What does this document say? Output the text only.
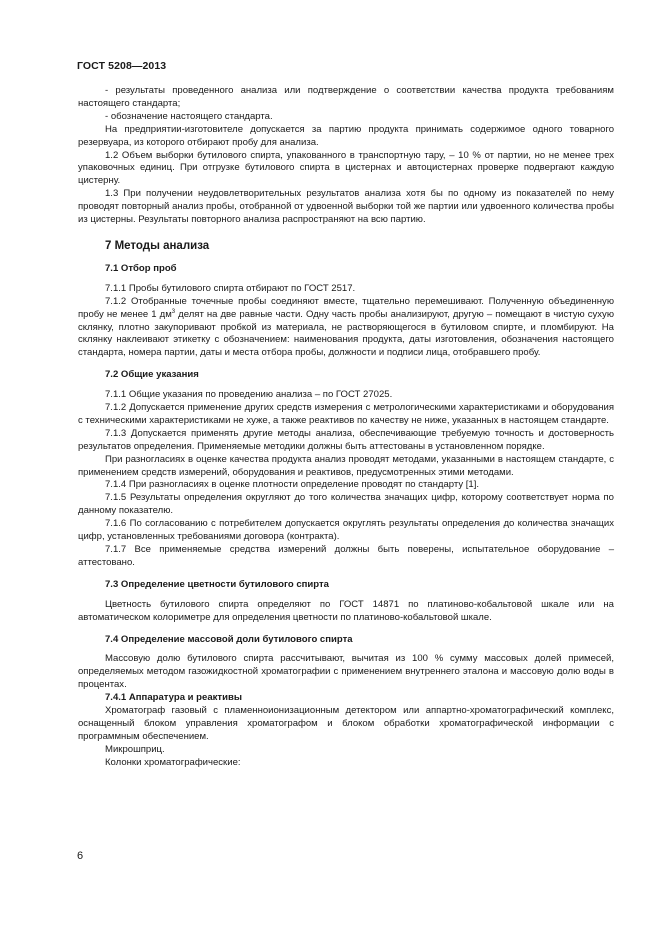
ГОСТ 5208—2013

- результаты проведенного анализа или подтверждение о соответствии качества продукта требованиям настоящего стандарта;

- обозначение настоящего стандарта.

На предприятии-изготовителе допускается за партию продукта принимать содержимое одного товарного резервуара, из которого отбирают пробу для анализа.

1.2 Объем выборки бутилового спирта, упакованного в транспортную тару, – 10 % от партии, но не менее трех упаковочных единиц. При отгрузке бутилового спирта в цистернах и автоцистернах проверке подвергают каждую цистерну.

1.3 При получении неудовлетворительных результатов анализа хотя бы по одному из показателей по нему проводят повторный анализ пробы, отобранной от удвоенной выборки той же партии или удвоенного количества пробы из цистерны. Результаты повторного анализа распространяют на всю партию.

7 Методы анализа
7.1 Отбор проб

7.1.1 Пробы бутилового спирта отбирают по ГОСТ 2517.

7.1.2 Отобранные точечные пробы соединяют вместе, тщательно перемешивают. Полученную объединенную пробу не менее 1 $дм^3$ делят на две равные части. Одну часть пробы анализируют, другую – помещают в чистую сухую склянку, плотно закупоривают пробкой из материала, не растворяющегося в бутиловом спирте, и пломбируют. На склянку наклеивают этикетку с обозначением: наименования продукта, даты изготовления, обозначения настоящего стандарта, номера партии, даты и места отбора пробы, должности и подписи лица, отобравшего пробу.

7.2 Общие указания

7.1.1 Общие указания по проведению анализа – по ГОСТ 27025.

7.1.2 Допускается применение других средств измерения с метрологическими характеристиками и оборудования с техническими характеристиками не хуже, а также реактивов по качеству не ниже, указанных в настоящем стандарте.

7.1.3 Допускается применять другие методы анализа, обеспечивающие требуемую точность и достоверность результатов определения. Применяемые методики должны быть аттестованы в установленном порядке.

При разногласиях в оценке качества продукта анализ проводят методами, указанными в настоящем стандарте, с применением средств измерений, оборудования и реактивов, предусмотренных этими методами.

7.1.4 При разногласиях в оценке плотности определение проводят по стандарту [1].

7.1.5 Результаты определения округляют до того количества значащих цифр, которому соответствует норма по данному показателю.

7.1.6 По согласованию с потребителем допускается округлять результаты определения до количества значащих цифр, установленных требованиями договора (контракта).

7.1.7 Все применяемые средства измерений должны быть поверены, испытательное оборудование – аттестовано.

7.3 Определение цветности бутилового спирта

Цветность бутилового спирта определяют по ГОСТ 14871 по платиново-кобальтовой шкале или на автоматическом колориметре для определения цветности по платиново-кобальтовой шкале.

7.4 Определение массовой доли бутилового спирта

Массовую долю бутилового спирта рассчитывают, вычитая из 100 % сумму массовых долей примесей, определяемых методом газожидкостной хроматографии с применением внутреннего эталона и массовую долю воды в процентах.

7.4.1 Аппаратура и реактивы

Хроматограф газовый с пламенноионизационным детектором или аппартно-хроматографический комплекс, оснащенный блоком управления хроматографом и блоком обработки хроматографической информации с программным обеспечением.

Микрошприц.

Колонки хроматографические:

6
